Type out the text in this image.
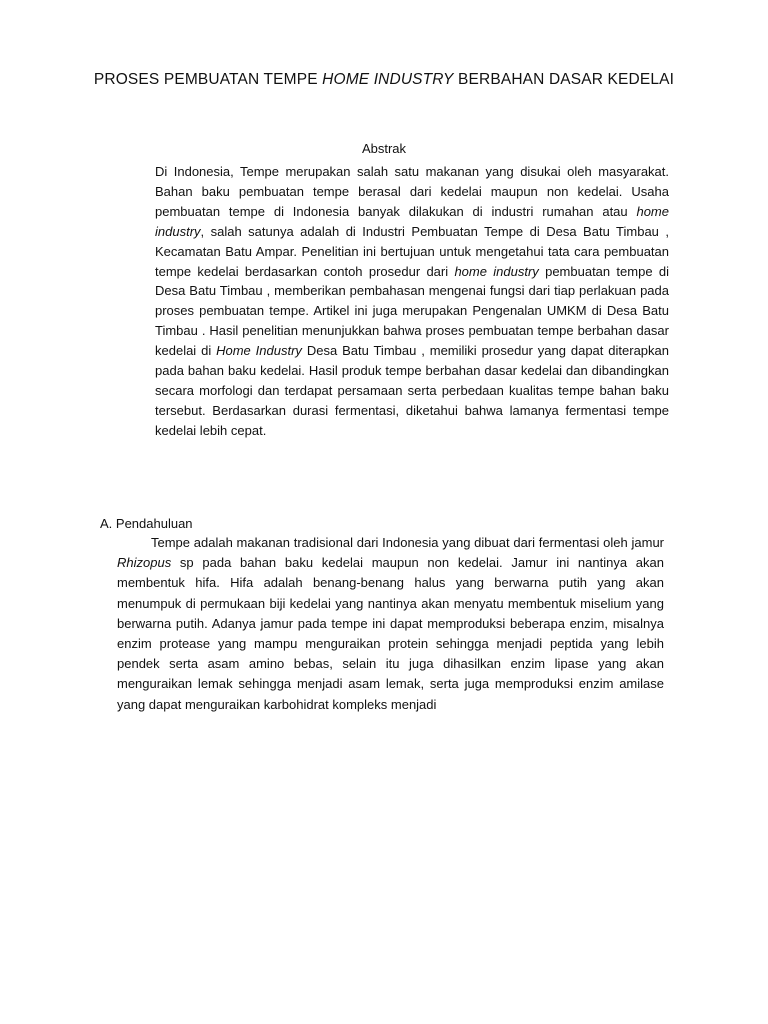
PROSES PEMBUATAN TEMPE HOME INDUSTRY BERBAHAN DASAR KEDELAI
Abstrak

Di Indonesia, Tempe merupakan salah satu makanan yang disukai oleh masyarakat. Bahan baku pembuatan tempe berasal dari kedelai maupun non kedelai. Usaha pembuatan tempe di Indonesia banyak dilakukan di industri rumahan atau home industry, salah satunya adalah di Industri Pembuatan Tempe di Desa Batu Timbau , Kecamatan Batu Ampar. Penelitian ini bertujuan untuk mengetahui tata cara pembuatan tempe kedelai berdasarkan contoh prosedur dari home industry pembuatan tempe di Desa Batu Timbau , memberikan pembahasan mengenai fungsi dari tiap perlakuan pada proses pembuatan tempe. Artikel ini juga merupakan Pengenalan UMKM di Desa Batu Timbau . Hasil penelitian menunjukkan bahwa proses pembuatan tempe berbahan dasar kedelai di Home Industry Desa Batu Timbau , memiliki prosedur yang dapat diterapkan pada bahan baku kedelai. Hasil produk tempe berbahan dasar kedelai dan dibandingkan secara morfologi dan terdapat persamaan serta perbedaan kualitas tempe bahan baku tersebut. Berdasarkan durasi fermentasi, diketahui bahwa lamanya fermentasi tempe kedelai lebih cepat.

A. Pendahuluan

Tempe adalah makanan tradisional dari Indonesia yang dibuat dari fermentasi oleh jamur Rhizopus sp pada bahan baku kedelai maupun non kedelai. Jamur ini nantinya akan membentuk hifa. Hifa adalah benang-benang halus yang berwarna putih yang akan menumpuk di permukaan biji kedelai yang nantinya akan menyatu membentuk miselium yang berwarna putih. Adanya jamur pada tempe ini dapat memproduksi beberapa enzim, misalnya enzim protease yang mampu menguraikan protein sehingga menjadi peptida yang lebih pendek serta asam amino bebas, selain itu juga dihasilkan enzim lipase yang akan menguraikan lemak sehingga menjadi asam lemak, serta juga memproduksi enzim amilase yang dapat menguraikan karbohidrat kompleks menjadi
